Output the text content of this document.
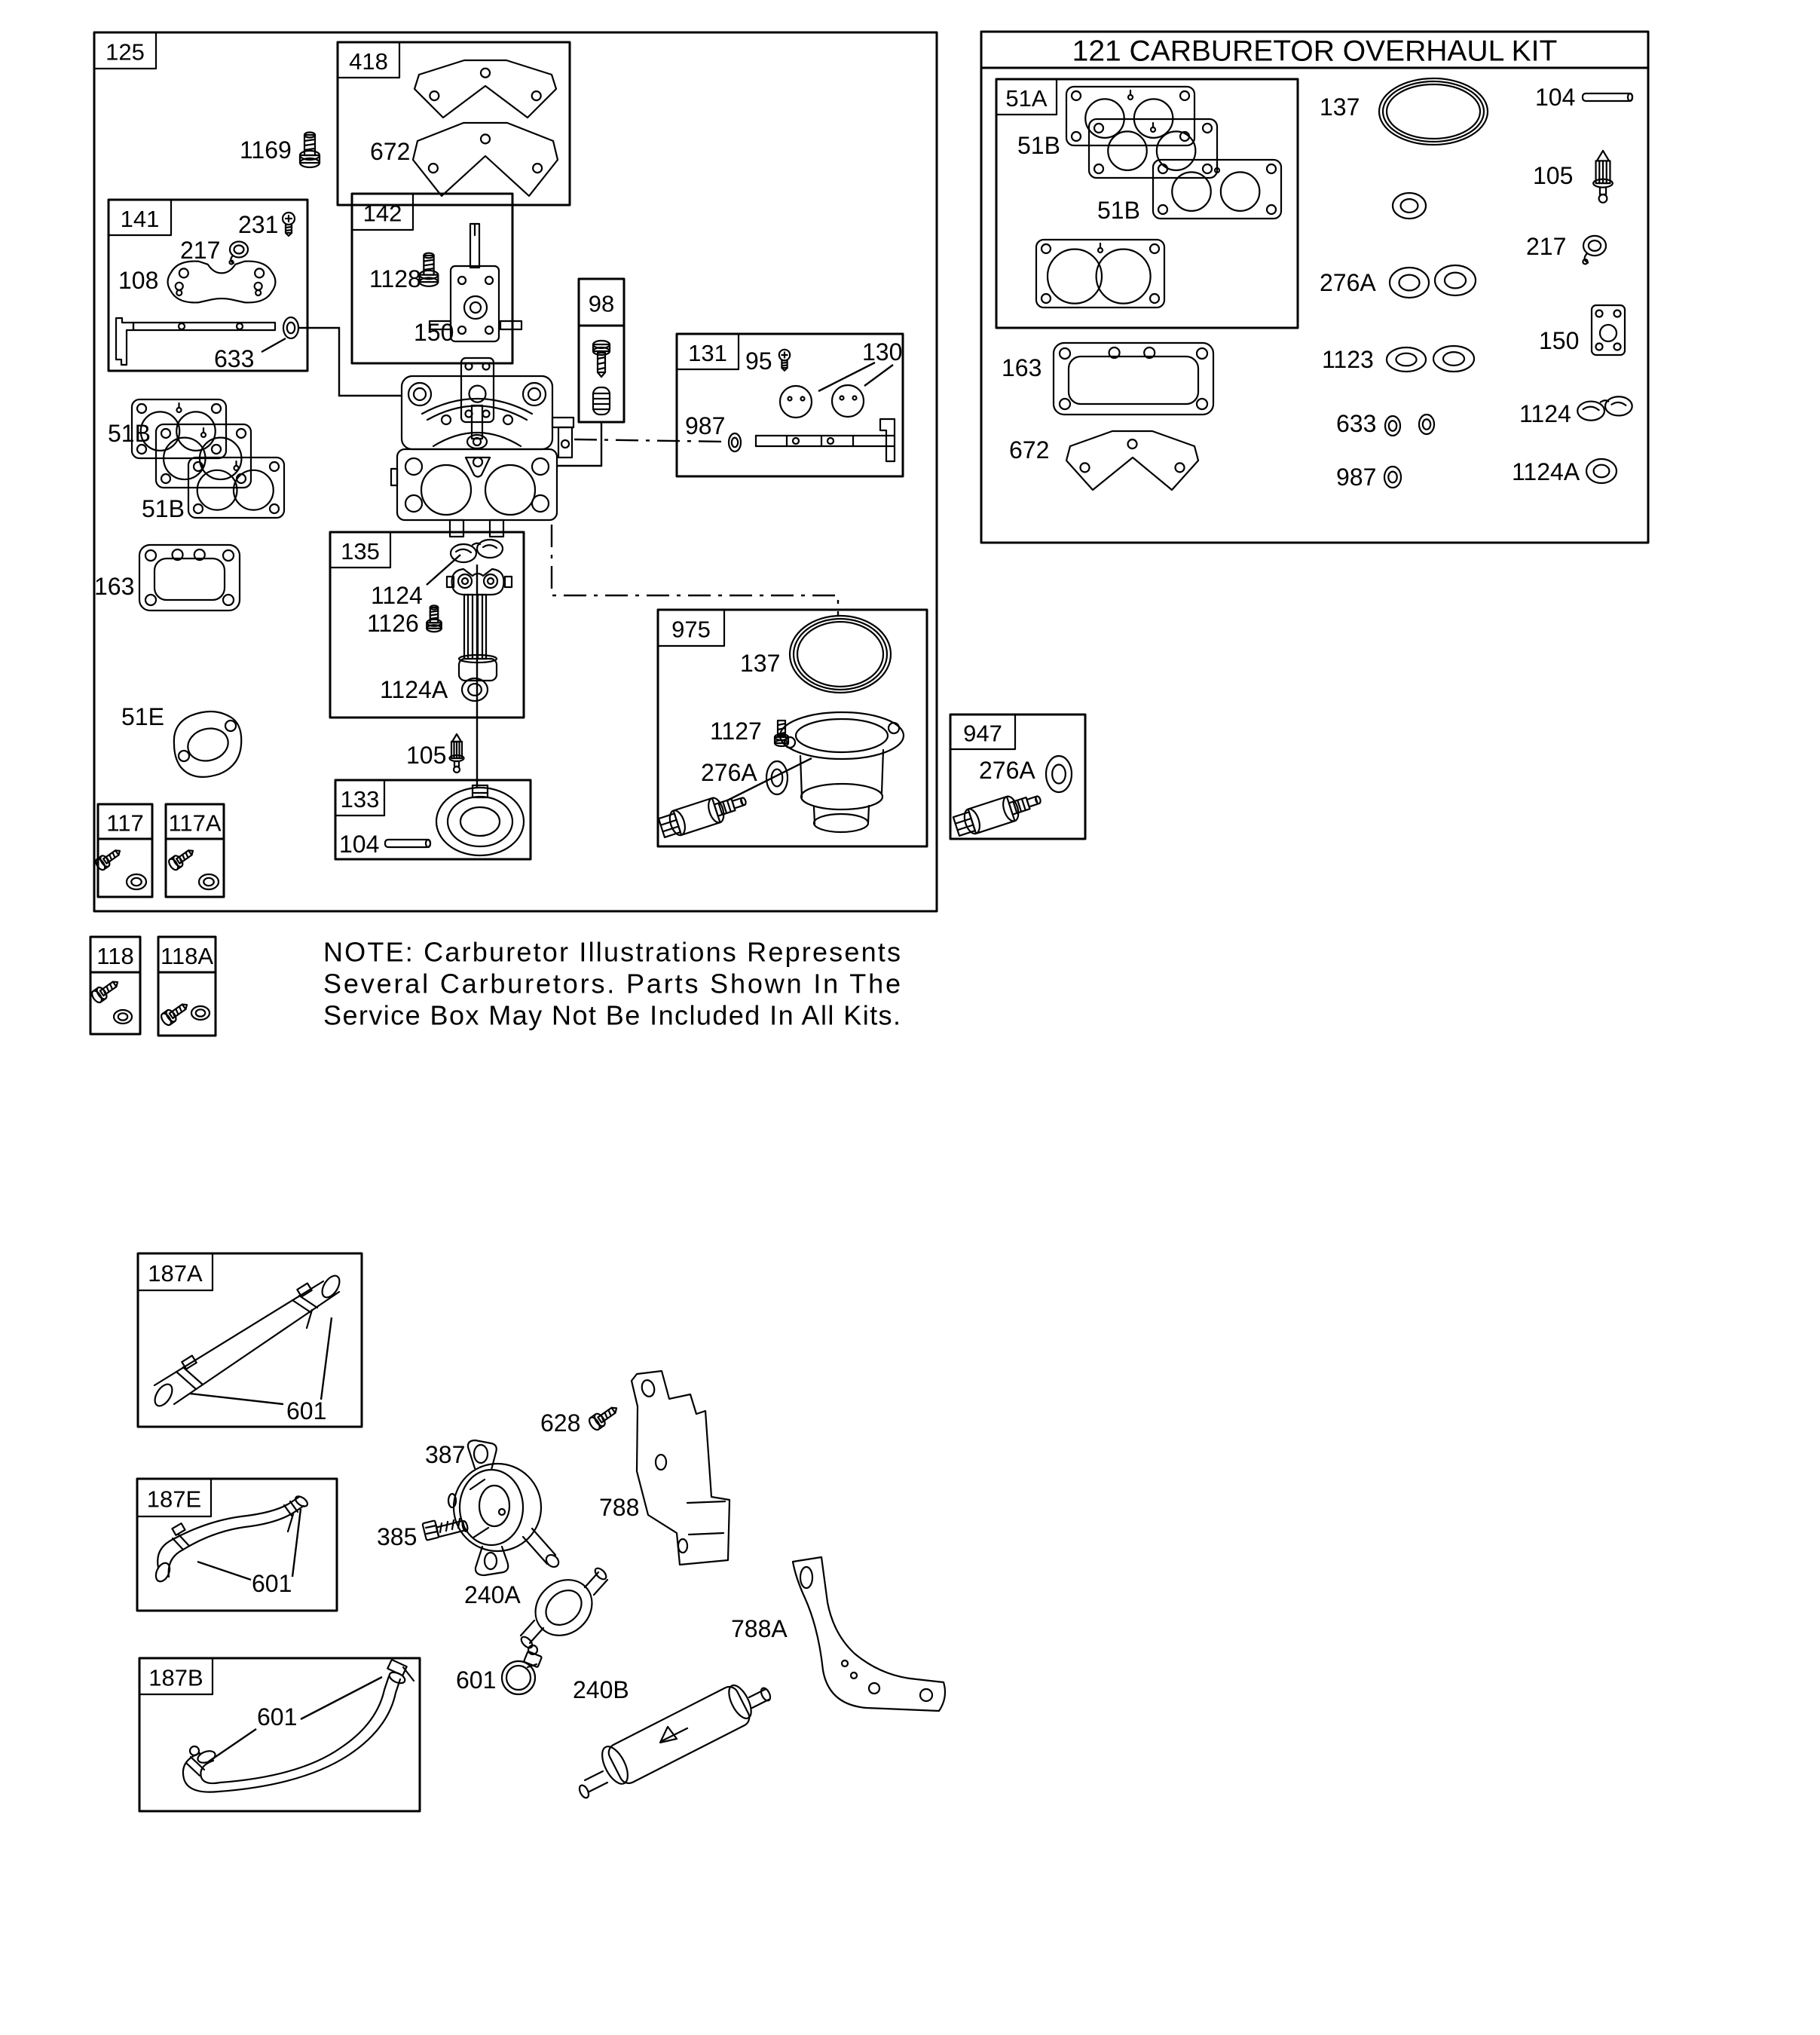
125	418
141	142
98
131
135
133
117 117A
118 118A
975
947
121 CARBURETOR OVERHAUL KIT
51A
187A
187E
187B
1169	672
231
217
108
633
1128
150
95	130
987
51B
51B
163	1124
1126
1124A
51E
105
104
137
1127
276A	276A
51B
51B
137	104
105
217
276A
150
1123
163
1124
633
672
987	1124A
601
387
628
788
385
788A
240A
601	240B
601
601
NOTE: Carburetor Illustrations Represents
Several Carburetors. Parts Shown In The
Service Box May Not Be Included In All Kits.
